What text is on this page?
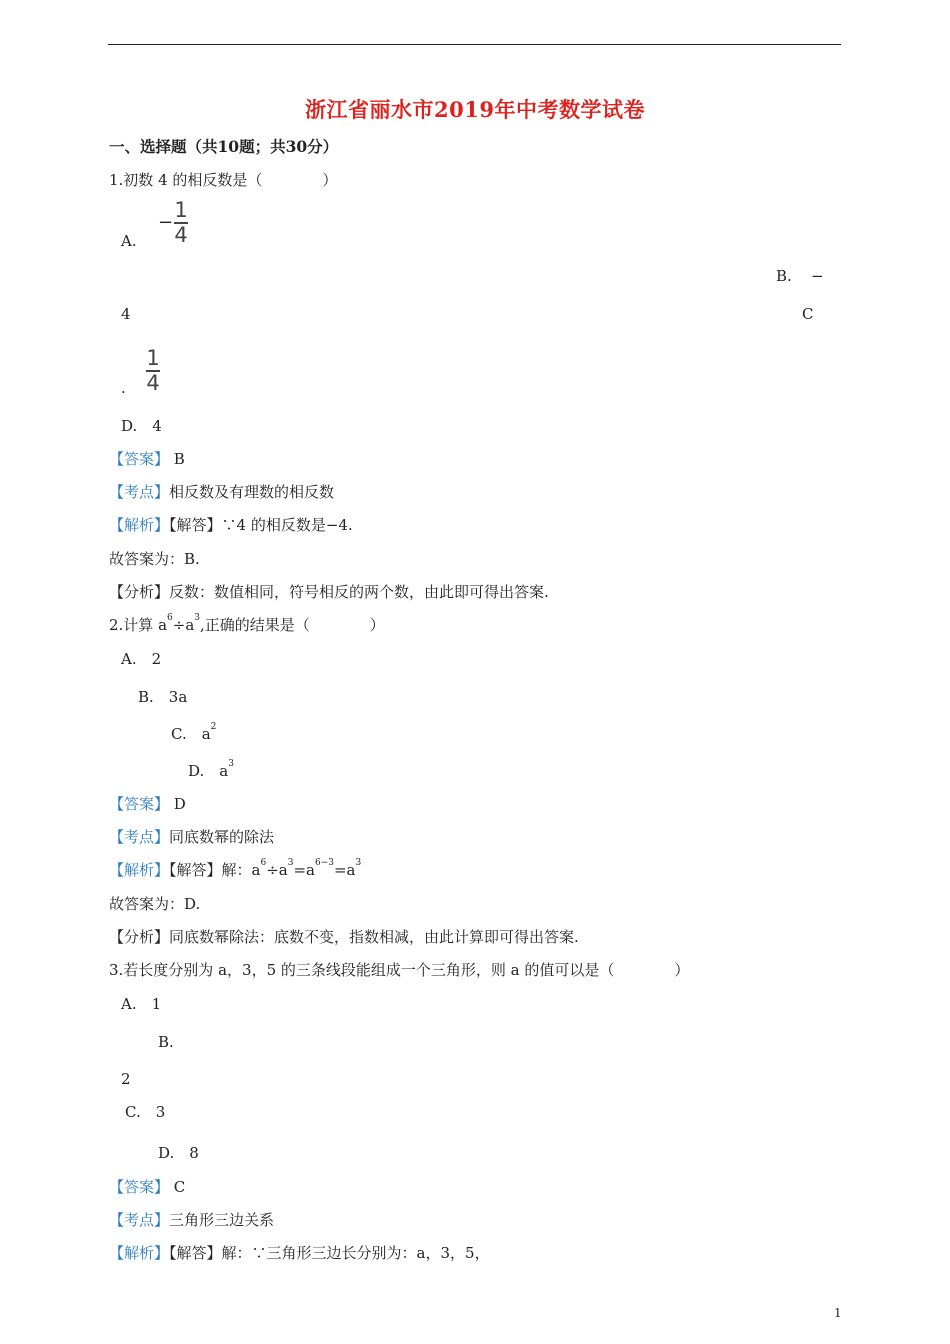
浙江省丽水市2019年中考数学试卷
一、选择题（共10题；共30分）
1.初数 4 的相反数是（　　　　）
A.
−
1
4
B. −
4	C
1
4
.
D.　4
【答案】 B
【考点】相反数及有理数的相反数
【解析】【解答】∵4 的相反数是−4.
故答案为：B.
【分析】反数：数值相同，符号相反的两个数，由此即可得出答案.
2.计算 $a^6\div a^3$,正确的结果是（　　　　）
A.　2
B.　3a
C.　$a^2$
D.　$a^3$
【答案】 D
【考点】同底数幂的除法
【解析】【解答】解：$a^6\div a^3=a^{6-3}=a^3$
故答案为：D.
【分析】同底数幂除法：底数不变，指数相减，由此计算即可得出答案.
3.若长度分别为 a，3，5 的三条线段能组成一个三角形，则 a 的值可以是（　　　　）
A.　1
B.
2
C.　3
D.　8
【答案】 C
【考点】三角形三边关系
【解析】【解答】解：∵三角形三边长分别为：a，3，5，
1
